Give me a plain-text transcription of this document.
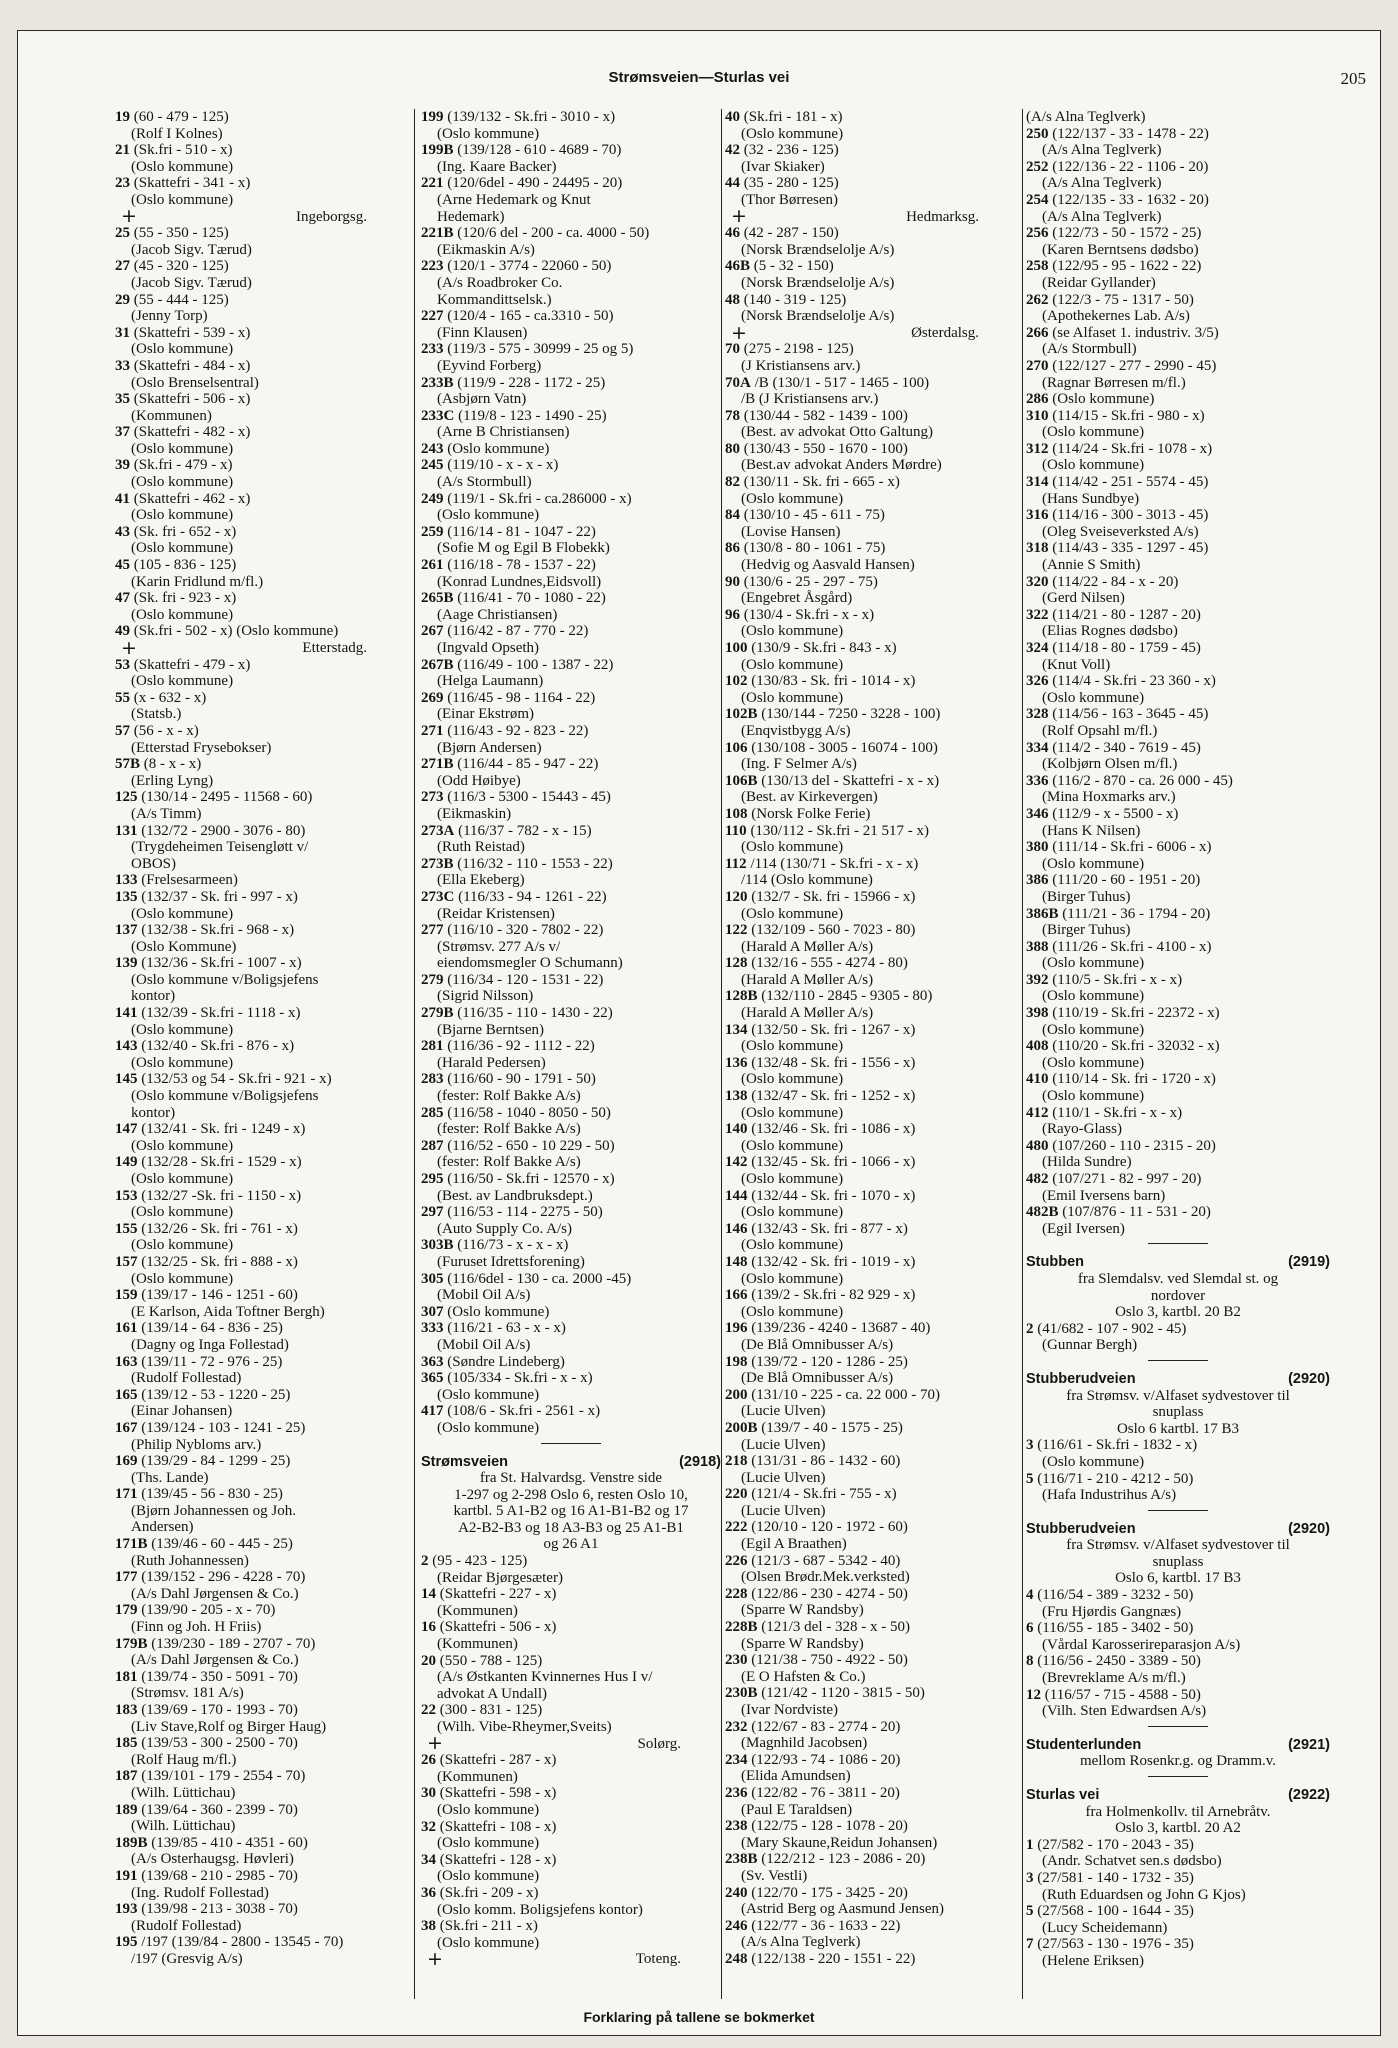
Strømsveien—Sturlas vei	205
19 (60 - 479 - 125)
(Rolf I Kolnes)
21 (Sk.fri - 510 - x)
(Oslo kommune)
23 (Skattefri - 341 - x)
(Oslo kommune)
+	Ingeborgsg.
25 (55 - 350 - 125)
(Jacob Sigv. Tærud)
27 (45 - 320 - 125)
(Jacob Sigv. Tærud)
29 (55 - 444 - 125)
(Jenny Torp)
31 (Skattefri - 539 - x)
(Oslo kommune)
33 (Skattefri - 484 - x)
(Oslo Brenselsentral)
35 (Skattefri - 506 - x)
(Kommunen)
37 (Skattefri - 482 - x)
(Oslo kommune)
39 (Sk.fri - 479 - x)
(Oslo kommune)
41 (Skattefri - 462 - x)
(Oslo kommune)
43 (Sk. fri - 652 - x)
(Oslo kommune)
45 (105 - 836 - 125)
(Karin Fridlund m/fl.)
47 (Sk. fri - 923 - x)
(Oslo kommune)
49 (Sk.fri - 502 - x) (Oslo kommune)
+	Etterstadg.
53 (Skattefri - 479 - x)
(Oslo kommune)
55 (x - 632 - x)
(Statsb.)
57 (56 - x - x)
(Etterstad Frysebokser)
57B (8 - x - x)
(Erling Lyng)
125 (130/14 - 2495 - 11568 - 60)
(A/s Timm)
131 (132/72 - 2900 - 3076 - 80)
(Trygdeheimen Teisengløtt v/
OBOS)
133 (Frelsesarmeen)
135 (132/37 - Sk. fri - 997 - x)
(Oslo kommune)
137 (132/38 - Sk.fri - 968 - x)
(Oslo Kommune)
139 (132/36 - Sk.fri - 1007 - x)
(Oslo kommune v/Boligsjefens
kontor)
141 (132/39 - Sk.fri - 1118 - x)
(Oslo kommune)
143 (132/40 - Sk.fri - 876 - x)
(Oslo kommune)
145 (132/53 og 54 - Sk.fri - 921 - x)
(Oslo kommune v/Boligsjefens
kontor)
147 (132/41 - Sk. fri - 1249 - x)
(Oslo kommune)
149 (132/28 - Sk.fri - 1529 - x)
(Oslo kommune)
153 (132/27 -Sk. fri - 1150 - x)
(Oslo kommune)
155 (132/26 - Sk. fri - 761 - x)
(Oslo kommune)
157 (132/25 - Sk. fri - 888 - x)
(Oslo kommune)
159 (139/17 - 146 - 1251 - 60)
(E Karlson, Aida Toftner Bergh)
161 (139/14 - 64 - 836 - 25)
(Dagny og Inga Follestad)
163 (139/11 - 72 - 976 - 25)
(Rudolf Follestad)
165 (139/12 - 53 - 1220 - 25)
(Einar Johansen)
167 (139/124 - 103 - 1241 - 25)
(Philip Nybloms arv.)
169 (139/29 - 84 - 1299 - 25)
(Ths. Lande)
171 (139/45 - 56 - 830 - 25)
(Bjørn Johannessen og Joh.
Andersen)
171B (139/46 - 60 - 445 - 25)
(Ruth Johannessen)
177 (139/152 - 296 - 4228 - 70)
(A/s Dahl Jørgensen & Co.)
179 (139/90 - 205 - x - 70)
(Finn og Joh. H Friis)
179B (139/230 - 189 - 2707 - 70)
(A/s Dahl Jørgensen & Co.)
181 (139/74 - 350 - 5091 - 70)
(Strømsv. 181 A/s)
183 (139/69 - 170 - 1993 - 70)
(Liv Stave,Rolf og Birger Haug)
185 (139/53 - 300 - 2500 - 70)
(Rolf Haug m/fl.)
187 (139/101 - 179 - 2554 - 70)
(Wilh. Lüttichau)
189 (139/64 - 360 - 2399 - 70)
(Wilh. Lüttichau)
189B (139/85 - 410 - 4351 - 60)
(A/s Osterhaugsg. Høvleri)
191 (139/68 - 210 - 2985 - 70)
(Ing. Rudolf Follestad)
193 (139/98 - 213 - 3038 - 70)
(Rudolf Follestad)
195 /197 (139/84 - 2800 - 13545 - 70)
/197 (Gresvig A/s)
199 (139/132 - Sk.fri - 3010 - x)
(Oslo kommune)
199B (139/128 - 610 - 4689 - 70)
(Ing. Kaare Backer)
221 (120/6del - 490 - 24495 - 20)
(Arne Hedemark og Knut
Hedemark)
221B (120/6 del - 200 - ca. 4000 - 50)
(Eikmaskin A/s)
223 (120/1 - 3774 - 22060 - 50)
(A/s Roadbroker Co.
Kommandittselsk.)
227 (120/4 - 165 - ca.3310 - 50)
(Finn Klausen)
233 (119/3 - 575 - 30999 - 25 og 5)
(Eyvind Forberg)
233B (119/9 - 228 - 1172 - 25)
(Asbjørn Vatn)
233C (119/8 - 123 - 1490 - 25)
(Arne B Christiansen)
243 (Oslo kommune)
245 (119/10 - x - x - x)
(A/s Stormbull)
249 (119/1 - Sk.fri - ca.286000 - x)
(Oslo kommune)
259 (116/14 - 81 - 1047 - 22)
(Sofie M og Egil B Flobekk)
261 (116/18 - 78 - 1537 - 22)
(Konrad Lundnes,Eidsvoll)
265B (116/41 - 70 - 1080 - 22)
(Aage Christiansen)
267 (116/42 - 87 - 770 - 22)
(Ingvald Opseth)
267B (116/49 - 100 - 1387 - 22)
(Helga Laumann)
269 (116/45 - 98 - 1164 - 22)
(Einar Ekstrøm)
271 (116/43 - 92 - 823 - 22)
(Bjørn Andersen)
271B (116/44 - 85 - 947 - 22)
(Odd Høibye)
273 (116/3 - 5300 - 15443 - 45)
(Eikmaskin)
273A (116/37 - 782 - x - 15)
(Ruth Reistad)
273B (116/32 - 110 - 1553 - 22)
(Ella Ekeberg)
273C (116/33 - 94 - 1261 - 22)
(Reidar Kristensen)
277 (116/10 - 320 - 7802 - 22)
(Strømsv. 277 A/s v/
eiendomsmegler O Schumann)
279 (116/34 - 120 - 1531 - 22)
(Sigrid Nilsson)
279B (116/35 - 110 - 1430 - 22)
(Bjarne Berntsen)
281 (116/36 - 92 - 1112 - 22)
(Harald Pedersen)
283 (116/60 - 90 - 1791 - 50)
(fester: Rolf Bakke A/s)
285 (116/58 - 1040 - 8050 - 50)
(fester: Rolf Bakke A/s)
287 (116/52 - 650 - 10 229 - 50)
(fester: Rolf Bakke A/s)
295 (116/50 - Sk.fri - 12570 - x)
(Best. av Landbruksdept.)
297 (116/53 - 114 - 2275 - 50)
(Auto Supply Co. A/s)
303B (116/73 - x - x - x)
(Furuset Idrettsforening)
305 (116/6del - 130 - ca. 2000 -45)
(Mobil Oil A/s)
307 (Oslo kommune)
333 (116/21 - 63 - x - x)
(Mobil Oil A/s)
363 (Søndre Lindeberg)
365 (105/334 - Sk.fri - x - x)
(Oslo kommune)
417 (108/6 - Sk.fri - 2561 - x)
(Oslo kommune)
Strømsveien	(2918)
fra St. Halvardsg. Venstre side
1-297 og 2-298 Oslo 6, resten Oslo 10,
kartbl. 5 A1-B2 og 16 A1-B1-B2 og 17
A2-B2-B3 og 18 A3-B3 og 25 A1-B1
og 26 A1
2 (95 - 423 - 125)
(Reidar Bjørgesæter)
14 (Skattefri - 227 - x)
(Kommunen)
16 (Skattefri - 506 - x)
(Kommunen)
20 (550 - 788 - 125)
(A/s Østkanten Kvinnernes Hus I v/
advokat A Undall)
22 (300 - 831 - 125)
(Wilh. Vibe-Rheymer,Sveits)
+	Solørg.
26 (Skattefri - 287 - x)
(Kommunen)
30 (Skattefri - 598 - x)
(Oslo kommune)
32 (Skattefri - 108 - x)
(Oslo kommune)
34 (Skattefri - 128 - x)
(Oslo kommune)
36 (Sk.fri - 209 - x)
(Oslo komm. Boligsjefens kontor)
38 (Sk.fri - 211 - x)
(Oslo kommune)
+	Toteng.
40 (Sk.fri - 181 - x)
(Oslo kommune)
42 (32 - 236 - 125)
(Ivar Skiaker)
44 (35 - 280 - 125)
(Thor Børresen)
+	Hedmarksg.
46 (42 - 287 - 150)
(Norsk Brændselolje A/s)
46B (5 - 32 - 150)
(Norsk Brændselolje A/s)
48 (140 - 319 - 125)
(Norsk Brændselolje A/s)
+	Østerdalsg.
70 (275 - 2198 - 125)
(J Kristiansens arv.)
70A /B (130/1 - 517 - 1465 - 100)
/B (J Kristiansens arv.)
78 (130/44 - 582 - 1439 - 100)
(Best. av advokat Otto Galtung)
80 (130/43 - 550 - 1670 - 100)
(Best.av advokat Anders Mørdre)
82 (130/11 - Sk. fri - 665 - x)
(Oslo kommune)
84 (130/10 - 45 - 611 - 75)
(Lovise Hansen)
86 (130/8 - 80 - 1061 - 75)
(Hedvig og Aasvald Hansen)
90 (130/6 - 25 - 297 - 75)
(Engebret Åsgård)
96 (130/4 - Sk.fri - x - x)
(Oslo kommune)
100 (130/9 - Sk.fri - 843 - x)
(Oslo kommune)
102 (130/83 - Sk. fri - 1014 - x)
(Oslo kommune)
102B (130/144 - 7250 - 3228 - 100)
(Enqvistbygg A/s)
106 (130/108 - 3005 - 16074 - 100)
(Ing. F Selmer A/s)
106B (130/13 del - Skattefri - x - x)
(Best. av Kirkevergen)
108 (Norsk Folke Ferie)
110 (130/112 - Sk.fri - 21 517 - x)
(Oslo kommune)
112 /114 (130/71 - Sk.fri - x - x)
/114 (Oslo kommune)
120 (132/7 - Sk. fri - 15966 - x)
(Oslo kommune)
122 (132/109 - 560 - 7023 - 80)
(Harald A Møller A/s)
128 (132/16 - 555 - 4274 - 80)
(Harald A Møller A/s)
128B (132/110 - 2845 - 9305 - 80)
(Harald A Møller A/s)
134 (132/50 - Sk. fri - 1267 - x)
(Oslo kommune)
136 (132/48 - Sk. fri - 1556 - x)
(Oslo kommune)
138 (132/47 - Sk. fri - 1252 - x)
(Oslo kommune)
140 (132/46 - Sk. fri - 1086 - x)
(Oslo kommune)
142 (132/45 - Sk. fri - 1066 - x)
(Oslo kommune)
144 (132/44 - Sk. fri - 1070 - x)
(Oslo kommune)
146 (132/43 - Sk. fri - 877 - x)
(Oslo kommune)
148 (132/42 - Sk. fri - 1019 - x)
(Oslo kommune)
166 (139/2 - Sk.fri - 82 929 - x)
(Oslo kommune)
196 (139/236 - 4240 - 13687 - 40)
(De Blå Omnibusser A/s)
198 (139/72 - 120 - 1286 - 25)
(De Blå Omnibusser A/s)
200 (131/10 - 225 - ca. 22 000 - 70)
(Lucie Ulven)
200B (139/7 - 40 - 1575 - 25)
(Lucie Ulven)
218 (131/31 - 86 - 1432 - 60)
(Lucie Ulven)
220 (121/4 - Sk.fri - 755 - x)
(Lucie Ulven)
222 (120/10 - 120 - 1972 - 60)
(Egil A Braathen)
226 (121/3 - 687 - 5342 - 40)
(Olsen Brødr.Mek.verksted)
228 (122/86 - 230 - 4274 - 50)
(Sparre W Randsby)
228B (121/3 del - 328 - x - 50)
(Sparre W Randsby)
230 (121/38 - 750 - 4922 - 50)
(E O Hafsten & Co.)
230B (121/42 - 1120 - 3815 - 50)
(Ivar Nordviste)
232 (122/67 - 83 - 2774 - 20)
(Magnhild Jacobsen)
234 (122/93 - 74 - 1086 - 20)
(Elida Amundsen)
236 (122/82 - 76 - 3811 - 20)
(Paul E Taraldsen)
238 (122/75 - 128 - 1078 - 20)
(Mary Skaune,Reidun Johansen)
238B (122/212 - 123 - 2086 - 20)
(Sv. Vestli)
240 (122/70 - 175 - 3425 - 20)
(Astrid Berg og Aasmund Jensen)
246 (122/77 - 36 - 1633 - 22)
(A/s Alna Teglverk)
248 (122/138 - 220 - 1551 - 22)
(A/s Alna Teglverk)
250 (122/137 - 33 - 1478 - 22)
(A/s Alna Teglverk)
252 (122/136 - 22 - 1106 - 20)
(A/s Alna Teglverk)
254 (122/135 - 33 - 1632 - 20)
(A/s Alna Teglverk)
256 (122/73 - 50 - 1572 - 25)
(Karen Berntsens dødsbo)
258 (122/95 - 95 - 1622 - 22)
(Reidar Gyllander)
262 (122/3 - 75 - 1317 - 50)
(Apothekernes Lab. A/s)
266 (se Alfaset 1. industriv. 3/5)
(A/s Stormbull)
270 (122/127 - 277 - 2990 - 45)
(Ragnar Børresen m/fl.)
286 (Oslo kommune)
310 (114/15 - Sk.fri - 980 - x)
(Oslo kommune)
312 (114/24 - Sk.fri - 1078 - x)
(Oslo kommune)
314 (114/42 - 251 - 5574 - 45)
(Hans Sundbye)
316 (114/16 - 300 - 3013 - 45)
(Oleg Sveiseverksted A/s)
318 (114/43 - 335 - 1297 - 45)
(Annie S Smith)
320 (114/22 - 84 - x - 20)
(Gerd Nilsen)
322 (114/21 - 80 - 1287 - 20)
(Elias Rognes dødsbo)
324 (114/18 - 80 - 1759 - 45)
(Knut Voll)
326 (114/4 - Sk.fri - 23 360 - x)
(Oslo kommune)
328 (114/56 - 163 - 3645 - 45)
(Rolf Opsahl m/fl.)
334 (114/2 - 340 - 7619 - 45)
(Kolbjørn Olsen m/fl.)
336 (116/2 - 870 - ca. 26 000 - 45)
(Mina Hoxmarks arv.)
346 (112/9 - x - 5500 - x)
(Hans K Nilsen)
380 (111/14 - Sk.fri - 6006 - x)
(Oslo kommune)
386 (111/20 - 60 - 1951 - 20)
(Birger Tuhus)
386B (111/21 - 36 - 1794 - 20)
(Birger Tuhus)
388 (111/26 - Sk.fri - 4100 - x)
(Oslo kommune)
392 (110/5 - Sk.fri - x - x)
(Oslo kommune)
398 (110/19 - Sk.fri - 22372 - x)
(Oslo kommune)
408 (110/20 - Sk.fri - 32032 - x)
(Oslo kommune)
410 (110/14 - Sk. fri - 1720 - x)
(Oslo kommune)
412 (110/1 - Sk.fri - x - x)
(Rayo-Glass)
480 (107/260 - 110 - 2315 - 20)
(Hilda Sundre)
482 (107/271 - 82 - 997 - 20)
(Emil Iversens barn)
482B (107/876 - 11 - 531 - 20)
(Egil Iversen)
Stubben	(2919)
fra Slemdalsv. ved Slemdal st. og
nordover
Oslo 3, kartbl. 20 B2
2 (41/682 - 107 - 902 - 45)
(Gunnar Bergh)
Stubberudveien	(2920)
fra Strømsv. v/Alfaset sydvestover til
snuplass
Oslo 6 kartbl. 17 B3
3 (116/61 - Sk.fri - 1832 - x)
(Oslo kommune)
5 (116/71 - 210 - 4212 - 50)
(Hafa Industrihus A/s)
Stubberudveien	(2920)
fra Strømsv. v/Alfaset sydvestover til
snuplass
Oslo 6, kartbl. 17 B3
4 (116/54 - 389 - 3232 - 50)
(Fru Hjørdis Gangnæs)
6 (116/55 - 185 - 3402 - 50)
(Vårdal Karosserireparasjon A/s)
8 (116/56 - 2450 - 3389 - 50)
(Brevreklame A/s m/fl.)
12 (116/57 - 715 - 4588 - 50)
(Vilh. Sten Edwardsen A/s)
Studenterlunden	(2921)
mellom Rosenkr.g. og Dramm.v.
Sturlas vei	(2922)
fra Holmenkollv. til Arnebråtv.
Oslo 3, kartbl. 20 A2
1 (27/582 - 170 - 2043 - 35)
(Andr. Schatvet sen.s dødsbo)
3 (27/581 - 140 - 1732 - 35)
(Ruth Eduardsen og John G Kjos)
5 (27/568 - 100 - 1644 - 35)
(Lucy Scheidemann)
7 (27/563 - 130 - 1976 - 35)
(Helene Eriksen)
Forklaring på tallene se bokmerket
